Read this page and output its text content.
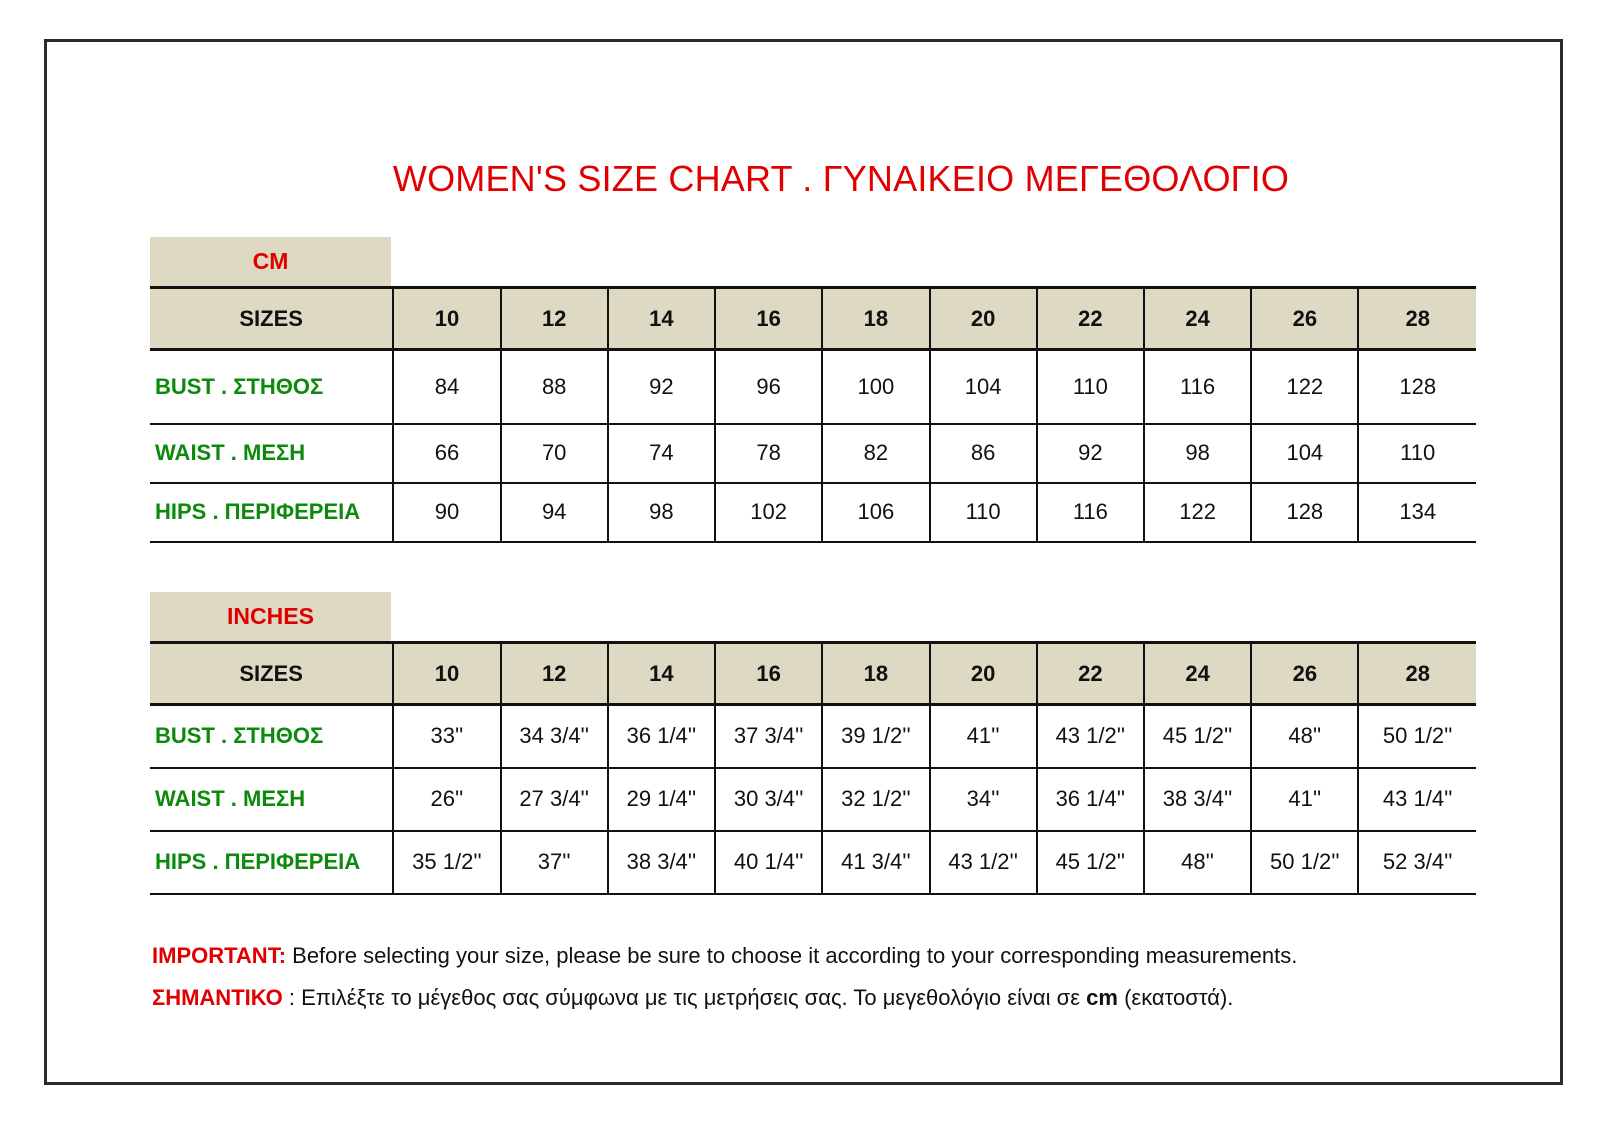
WOMEN'S SIZE CHART . ΓΥΝΑΙΚΕΙΟ ΜΕΓΕΘΟΛΟΓΙΟ
CM
SIZES	10	12	14	16	18	20	22	24	26	28
BUST . ΣΤΗΘΟΣ	84	88	92	96	100	104	110	116	122	128
WAIST . ΜΕΣΗ	66	70	74	78	82	86	92	98	104	110
HIPS . ΠΕΡΙΦΕΡΕΙΑ	90	94	98	102	106	110	116	122	128	134
INCHES
SIZES	10	12	14	16	18	20	22	24	26	28
BUST . ΣΤΗΘΟΣ	33''	34 3/4''	36 1/4''	37 3/4''	39 1/2''	41''	43 1/2''	45 1/2''	48''	50 1/2''
WAIST . ΜΕΣΗ	26''	27 3/4''	29 1/4''	30 3/4''	32 1/2''	34''	36 1/4''	38 3/4''	41''	43 1/4''
HIPS . ΠΕΡΙΦΕΡΕΙΑ	35 1/2''	37''	38 3/4''	40 1/4''	41 3/4''	43 1/2''	45 1/2''	48''	50 1/2''	52 3/4''
IMPORTANT: Before selecting your size, please be sure to choose it according to your corresponding measurements.
ΣΗΜΑΝΤΙΚΟ : Επιλέξτε το μέγεθος σας σύμφωνα με τις μετρήσεις σας. Το μεγεθολόγιο είναι σε cm (εκατοστά).
